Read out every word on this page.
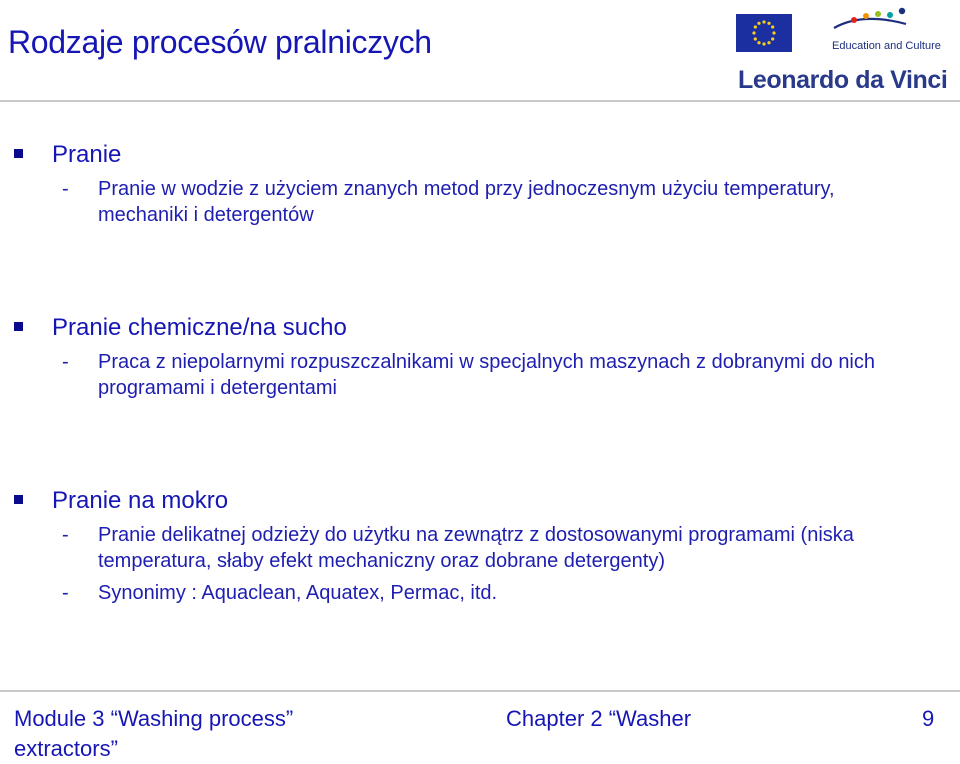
Rodzaje procesów pralniczych	Education and Culture
Leonardo da Vinci
Pranie
- Pranie w wodzie z użyciem znanych metod przy jednoczesnym użyciu temperatury, mechaniki i detergentów
Pranie chemiczne/na sucho
- Praca z niepolarnymi rozpuszczalnikami w specjalnych maszynach z dobranymi do nich programami i detergentami
Pranie na mokro
- Pranie delikatnej odzieży do użytku na zewnątrz z dostosowanymi programami (niska temperatura, słaby efekt mechaniczny oraz dobrane detergenty)
- Synonimy : Aquaclean, Aquatex, Permac, itd.
Module 3 “Washing process”
extractors”
Chapter 2 “Washer	9
